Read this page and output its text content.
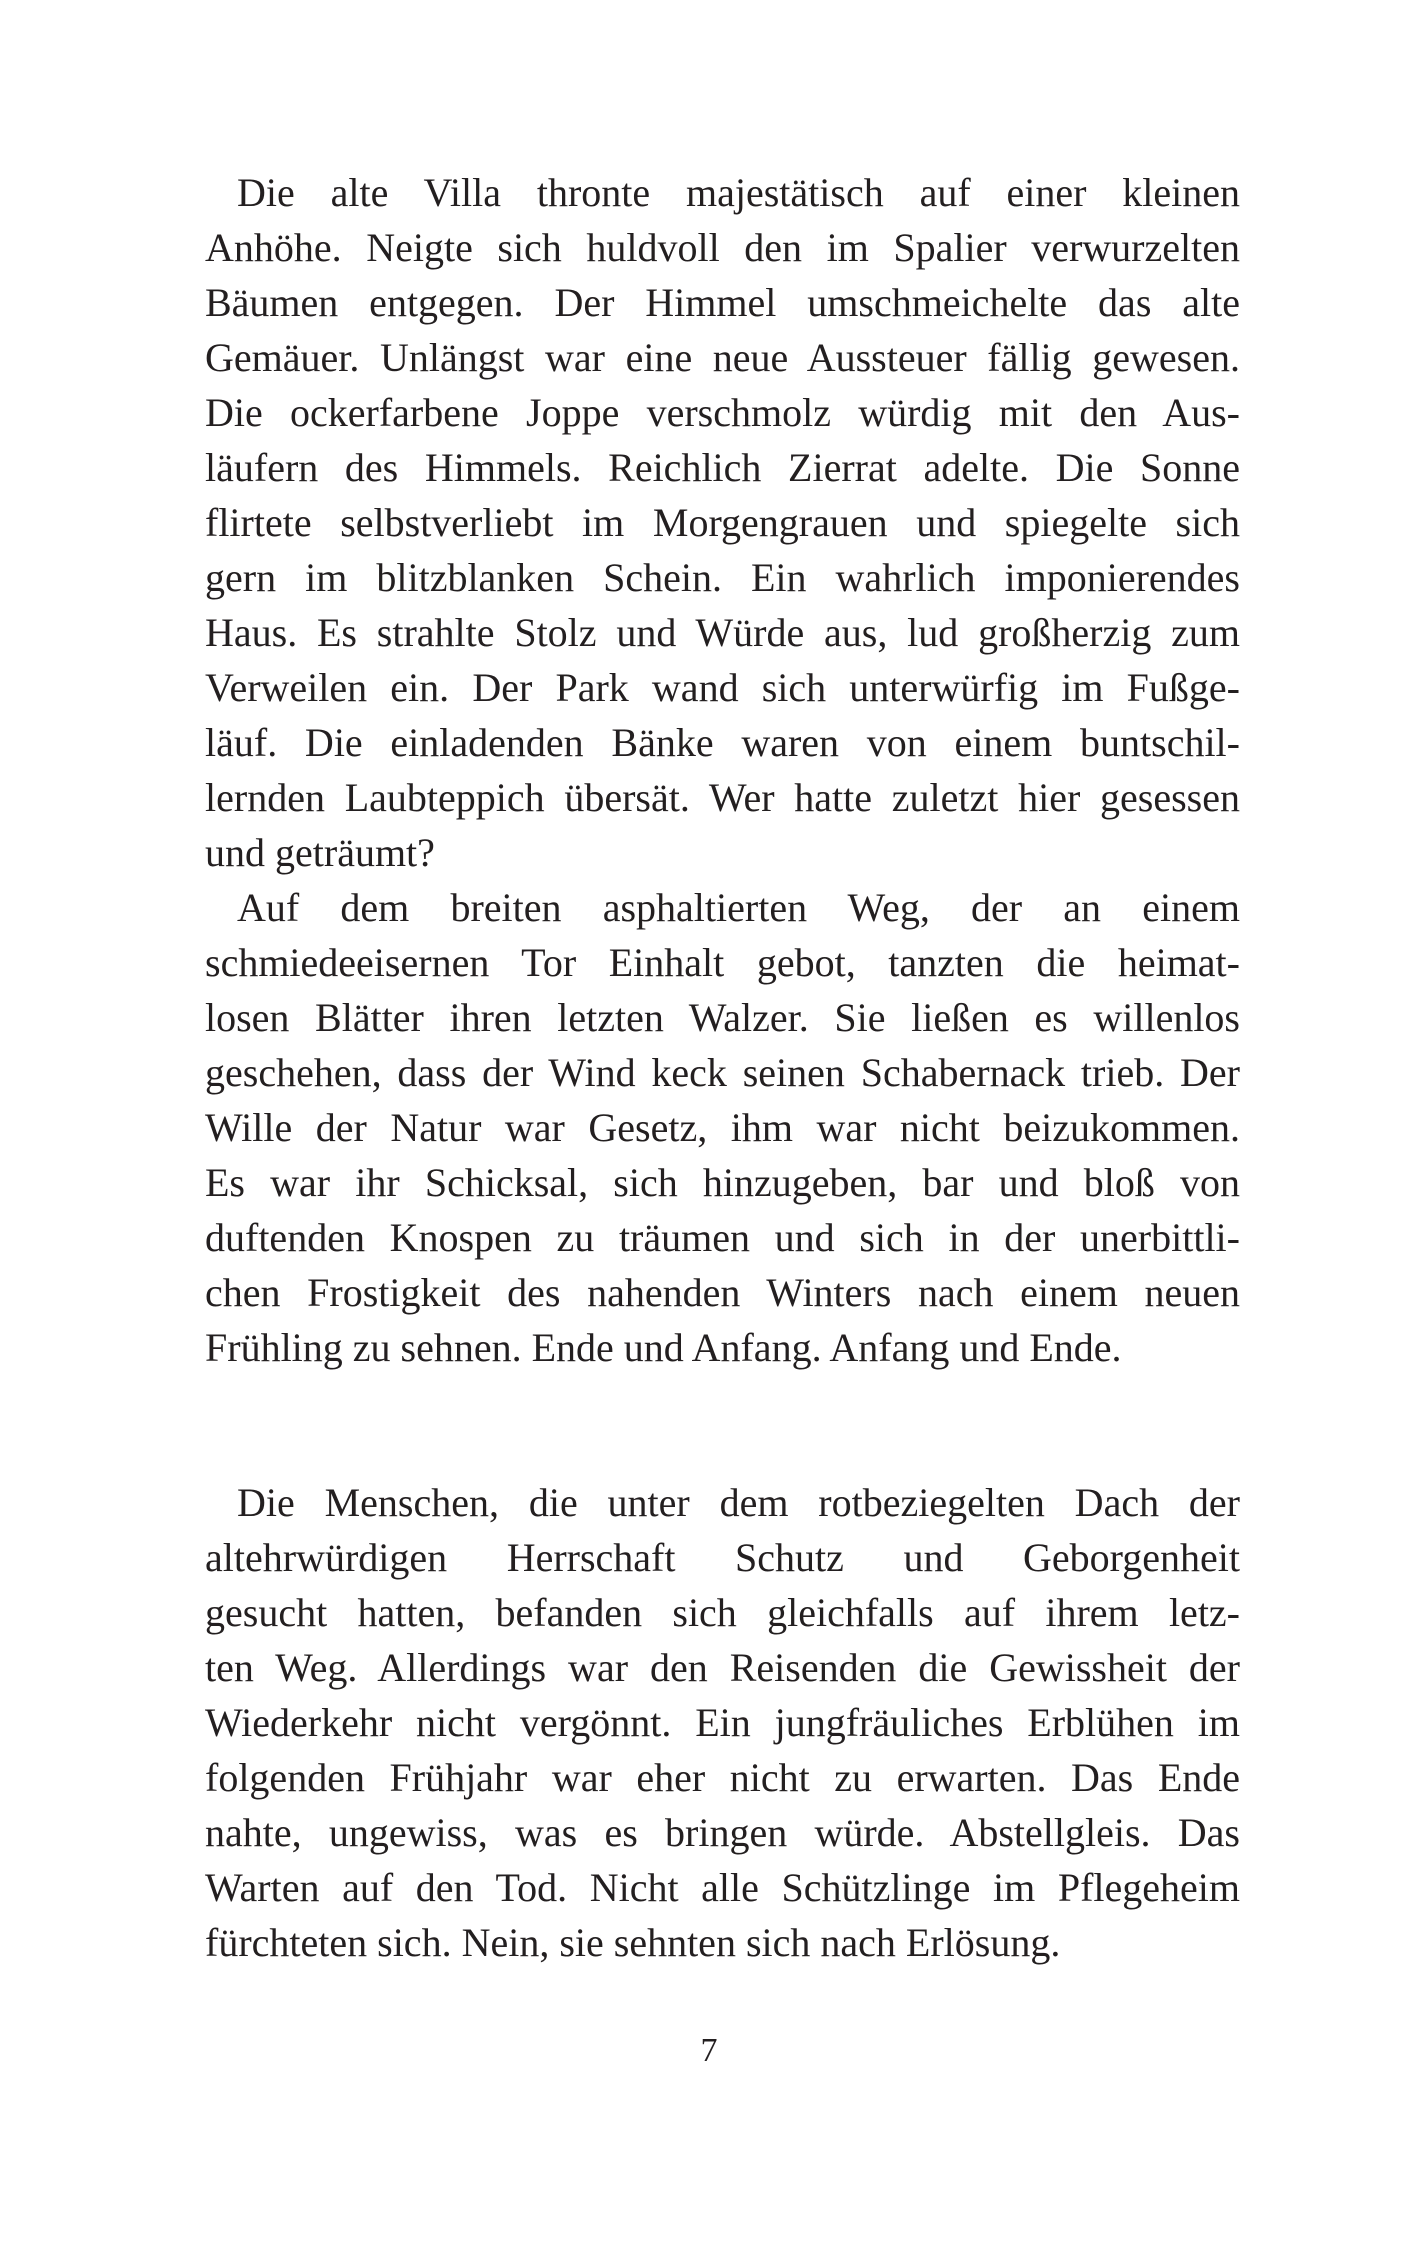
Die alte Villa thronte majestätisch auf einer kleinen
Anhöhe. Neigte sich huldvoll den im Spalier verwurzelten
Bäumen entgegen. Der Himmel umschmeichelte das alte
Gemäuer. Unlängst war eine neue Aussteuer fällig gewesen.
Die ockerfarbene Joppe verschmolz würdig mit den Aus-
läufern des Himmels. Reichlich Zierrat adelte. Die Sonne
flirtete selbstverliebt im Morgengrauen und spiegelte sich
gern im blitzblanken Schein. Ein wahrlich imponierendes
Haus. Es strahlte Stolz und Würde aus, lud großherzig zum
Verweilen ein. Der Park wand sich unterwürfig im Fußge-
läuf. Die einladenden Bänke waren von einem buntschil-
lernden Laubteppich übersät. Wer hatte zuletzt hier gesessen
und geträumt?
Auf dem breiten asphaltierten Weg, der an einem
schmiedeeisernen Tor Einhalt gebot, tanzten die heimat-
losen Blätter ihren letzten Walzer. Sie ließen es willenlos
geschehen, dass der Wind keck seinen Schabernack trieb. Der
Wille der Natur war Gesetz, ihm war nicht beizukommen.
Es war ihr Schicksal, sich hinzugeben, bar und bloß von
duftenden Knospen zu träumen und sich in der unerbittli-
chen Frostigkeit des nahenden Winters nach einem neuen
Frühling zu sehnen. Ende und Anfang. Anfang und Ende.
Die Menschen, die unter dem rotbeziegelten Dach der
altehrwürdigen Herrschaft Schutz und Geborgenheit
gesucht hatten, befanden sich gleichfalls auf ihrem letz-
ten Weg. Allerdings war den Reisenden die Gewissheit der
Wiederkehr nicht vergönnt. Ein jungfräuliches Erblühen im
folgenden Frühjahr war eher nicht zu erwarten. Das Ende
nahte, ungewiss, was es bringen würde. Abstellgleis. Das
Warten auf den Tod. Nicht alle Schützlinge im Pflegeheim
fürchteten sich. Nein, sie sehnten sich nach Erlösung.
7
